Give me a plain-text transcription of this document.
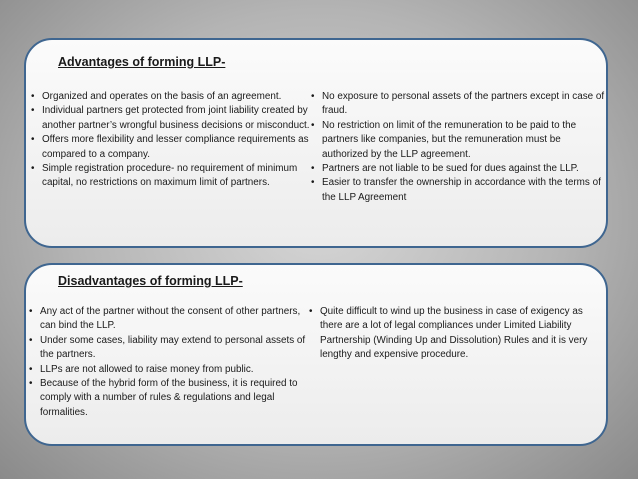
Advantages of forming LLP-
• Organized and operates on the basis of an agreement.
• Individual partners get protected from joint liability created by another partner’s wrongful business decisions or misconduct.
• Offers more flexibility and lesser compliance requirements as compared to a company.
• Simple registration procedure- no requirement of minimum capital, no restrictions on maximum limit of partners.
• No exposure to personal assets of the partners except in case of fraud.
• No restriction on limit of the remuneration to be paid to the partners like companies, but the remuneration must be authorized by the LLP agreement.
• Partners are not liable to be sued for dues against the LLP.
• Easier to transfer the ownership in accordance with the terms of the LLP Agreement
Disadvantages of forming LLP-
• Any act of the partner without the consent of other partners, can bind the LLP.
• Under some cases, liability may extend to personal assets of the partners.
• LLPs are not allowed to raise money from public.
• Because of the hybrid form of the business, it is required to comply with a number of rules & regulations and legal formalities.
• Quite difficult to wind up the business in case of exigency as there are a lot of legal compliances under Limited Liability Partnership (Winding Up and Dissolution) Rules and it is very lengthy and expensive procedure.
